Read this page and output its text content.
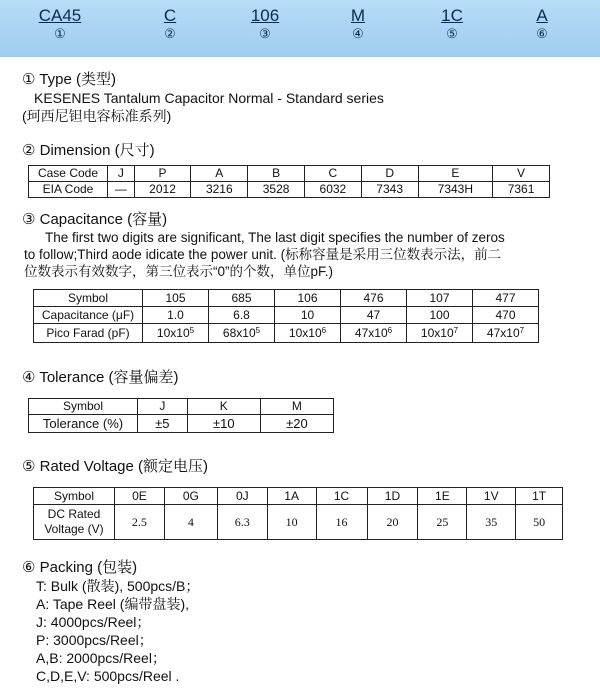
CA45
①
C
②
106
③
M
④
1C
⑤
A
⑥
① Type (类型)
KESENES Tantalum Capacitor Normal - Standard series
(珂西尼钽电容标准系列)
② Dimension (尺寸)
Case Code	J	P	A	B	C	D	E	V
EIA Code	—	2012	3216	3528	6032	7343	7343H	7361
③ Capacitance (容量)
The first two digits are significant, The last digit specifies the number of zeros
to follow;Third aode idicate the power unit. (标称容量是采用三位数表示法，前二
位数表示有效数字，第三位表示“0”的个数，单位pF.)
Symbol	105	685	106	476	107	477
Capacitance (μF)	1.0	6.8	10	47	100	470
Pico Farad (pF)	$10x10^5$	$68x10^5$	$10x10^6$	$47x10^6$	$10x10^7$	$47x10^7$
④ Tolerance (容量偏差)
Symbol	J	K	M
Tolerance (%)	±5	±10	±20
⑤ Rated Voltage (额定电压)
Symbol	0E	0G	0J	1A	1C	1D	1E	1V	1T

DC Rated
Voltage (V)	2.5	4	6.3	10	16	20	25	35	50
⑥ Packing (包装)
T: Bulk (散装), 500pcs/B；
A: Tape Reel (编带盘装),
J: 4000pcs/Reel；
P: 3000pcs/Reel；
A,B: 2000pcs/Reel；
C,D,E,V: 500pcs/Reel .
